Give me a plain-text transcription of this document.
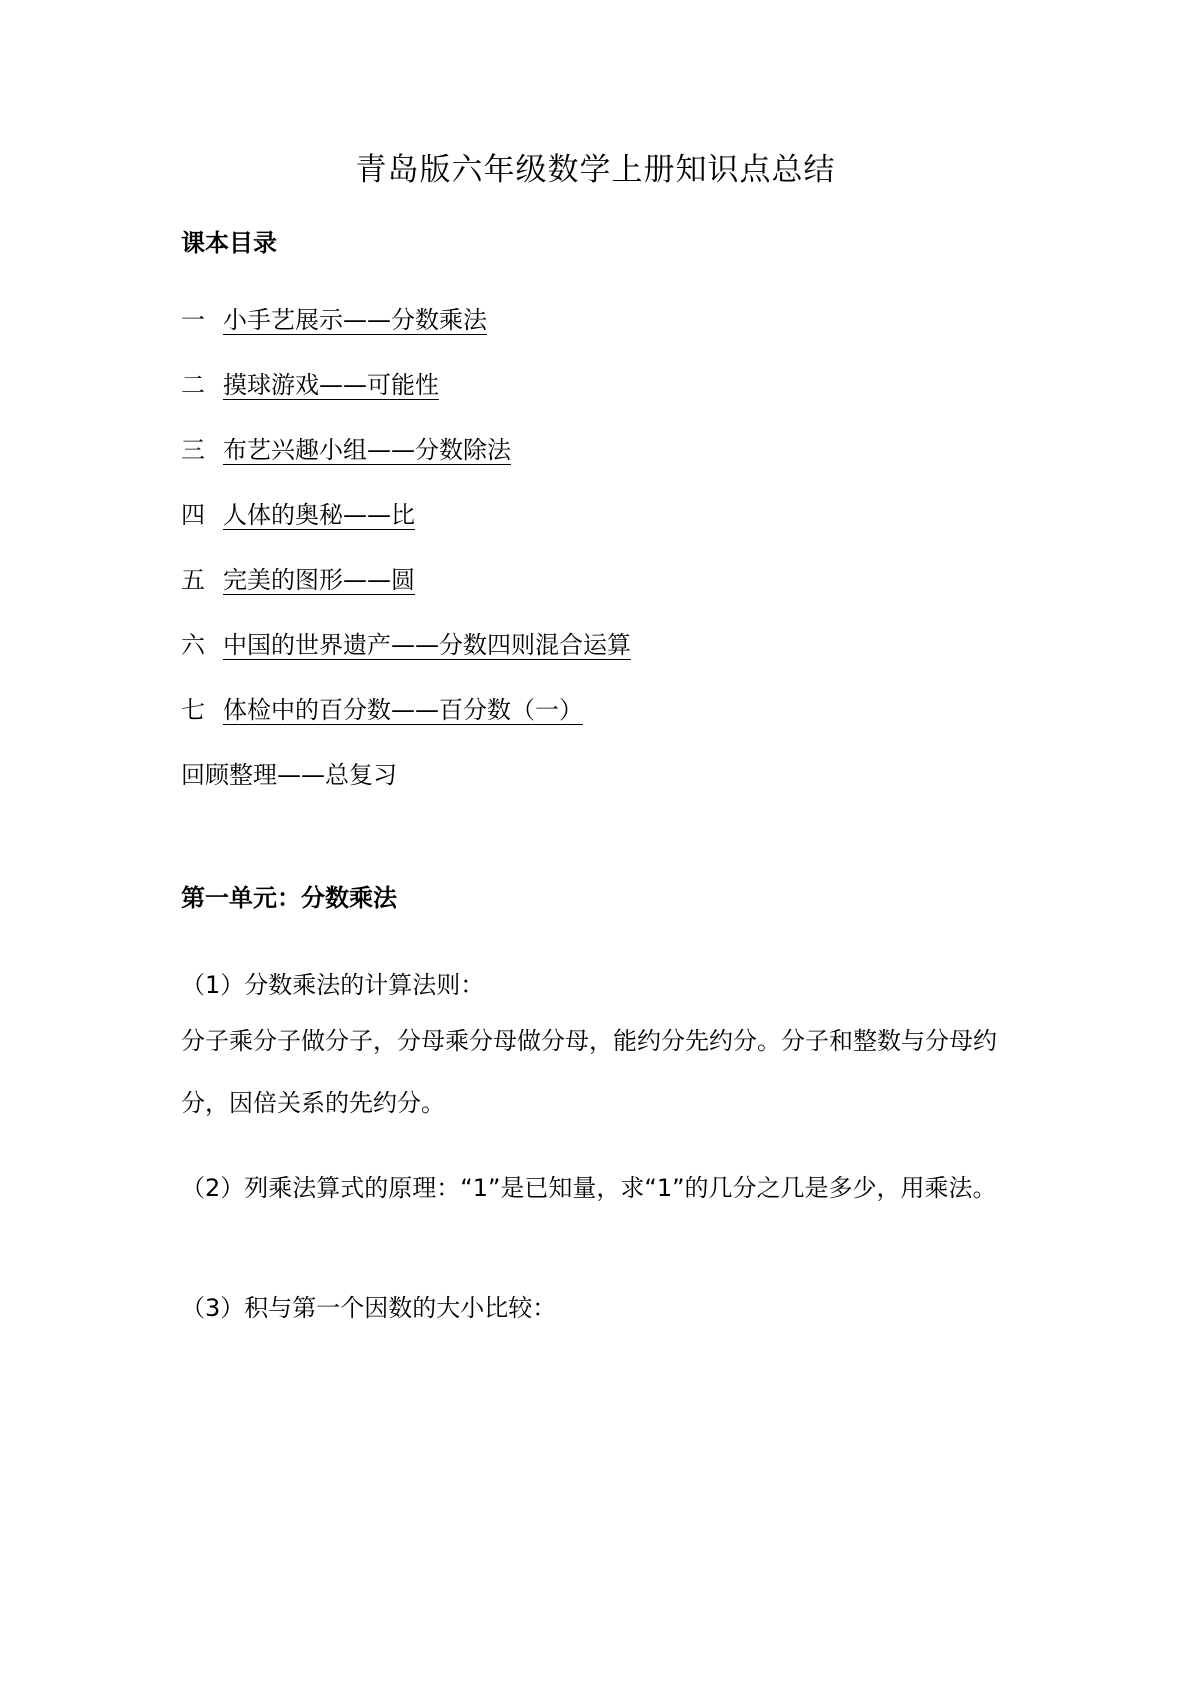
青岛版六年级数学上册知识点总结
课本目录
一 小手艺展示——分数乘法
二 摸球游戏——可能性
三 布艺兴趣小组——分数除法
四 人体的奥秘——比
五 完美的图形——圆
六 中国的世界遗产——分数四则混合运算
七 体检中的百分数——百分数（一）
回顾整理——总复习
第一单元：分数乘法
（1）分数乘法的计算法则：
分子乘分子做分子，分母乘分母做分母，能约分先约分。分子和整数与分母约分，因倍关系的先约分。
（2）列乘法算式的原理：“1”是已知量，求“1”的几分之几是多少，用乘法。
（3）积与第一个因数的大小比较：
